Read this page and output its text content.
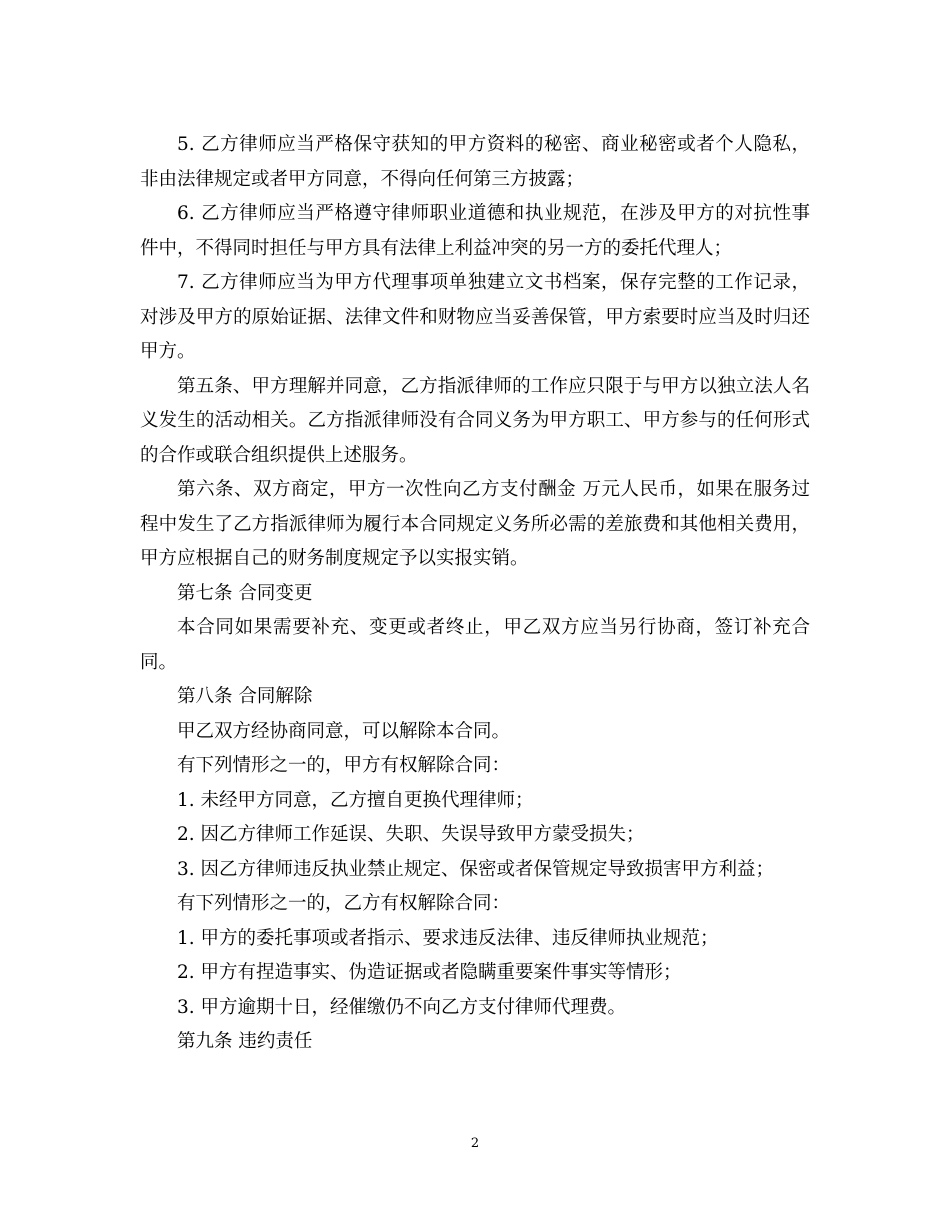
5. 乙方律师应当严格保守获知的甲方资料的秘密、商业秘密或者个人隐私，非由法律规定或者甲方同意，不得向任何第三方披露；

6. 乙方律师应当严格遵守律师职业道德和执业规范，在涉及甲方的对抗性事件中，不得同时担任与甲方具有法律上利益冲突的另一方的委托代理人；

7. 乙方律师应当为甲方代理事项单独建立文书档案，保存完整的工作记录，对涉及甲方的原始证据、法律文件和财物应当妥善保管，甲方索要时应当及时归还甲方。

第五条、甲方理解并同意，乙方指派律师的工作应只限于与甲方以独立法人名义发生的活动相关。乙方指派律师没有合同义务为甲方职工、甲方参与的任何形式的合作或联合组织提供上述服务。

第六条、双方商定，甲方一次性向乙方支付酬金 万元人民币，如果在服务过程中发生了乙方指派律师为履行本合同规定义务所必需的差旅费和其他相关费用，甲方应根据自己的财务制度规定予以实报实销。

第七条 合同变更

本合同如果需要补充、变更或者终止，甲乙双方应当另行协商，签订补充合同。

第八条 合同解除

甲乙双方经协商同意，可以解除本合同。

有下列情形之一的，甲方有权解除合同：

1. 未经甲方同意，乙方擅自更换代理律师；

2. 因乙方律师工作延误、失职、失误导致甲方蒙受损失；

3. 因乙方律师违反执业禁止规定、保密或者保管规定导致损害甲方利益；

有下列情形之一的，乙方有权解除合同：

1. 甲方的委托事项或者指示、要求违反法律、违反律师执业规范；

2. 甲方有捏造事实、伪造证据或者隐瞒重要案件事实等情形；

3. 甲方逾期十日，经催缴仍不向乙方支付律师代理费。

第九条 违约责任

2
